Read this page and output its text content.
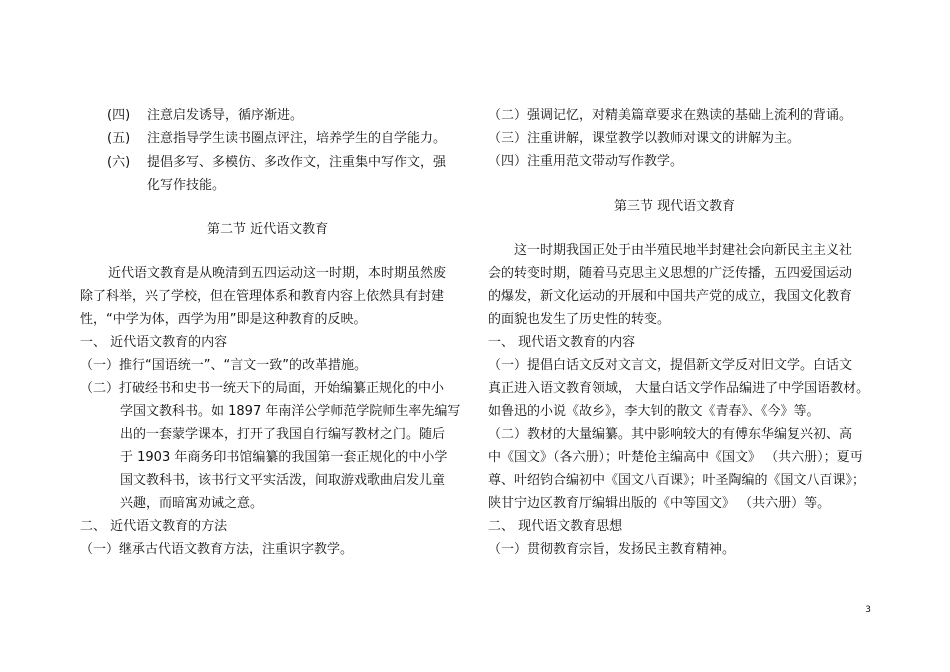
(四) 注意启发诱导，循序渐进。
(五) 注意指导学生读书圈点评注，培养学生的自学能力。
(六) 提倡多写、多模仿、多改作文，注重集中写作文，强
化写作技能。
第二节 近代语文教育
近代语文教育是从晚清到五四运动这一时期，本时期虽然废
除了科举，兴了学校，但在管理体系和教育内容上依然具有封建
性，“中学为体，西学为用”即是这种教育的反映。
一、 近代语文教育的内容
（一）推行“国语统一”、“言文一致”的改革措施。
（二）打破经书和史书一统天下的局面，开始编纂正规化的中小
学国文教科书。如 1897 年南洋公学师范学院师生率先编写
出的一套蒙学课本，打开了我国自行编写教材之门。随后
于 1903 年商务印书馆编纂的我国第一套正规化的中小学
国文教科书，该书行文平实活泼，间取游戏歌曲启发儿童
兴趣，而暗寓劝诫之意。
二、 近代语文教育的方法
（一）继承古代语文教育方法，注重识字教学。
（二）强调记忆，对精美篇章要求在熟读的基础上流利的背诵。
（三）注重讲解，课堂教学以教师对课文的讲解为主。
（四）注重用范文带动写作教学。
第三节 现代语文教育
这一时期我国正处于由半殖民地半封建社会向新民主主义社
会的转变时期，随着马克思主义思想的广泛传播，五四爱国运动
的爆发，新文化运动的开展和中国共产党的成立，我国文化教育
的面貌也发生了历史性的转变。
一、 现代语文教育的内容
（一）提倡白话文反对文言文，提倡新文学反对旧文学。白话文
真正进入语文教育领域， 大量白话文学作品编进了中学国语教材。
如鲁迅的小说《故乡》，李大钊的散文《青春》、《今》等。
（二）教材的大量编纂。其中影响较大的有傅东华编复兴初、高
中《国文》（各六册）；叶楚伧主编高中《国文》 （共六册）；夏丏
尊、叶绍钧合编初中《国文八百课》；叶圣陶编的《国文八百课》；
陕甘宁边区教育厅编辑出版的《中等国文》 （共六册）等。
二、 现代语文教育思想
（一）贯彻教育宗旨，发扬民主教育精神。
3
